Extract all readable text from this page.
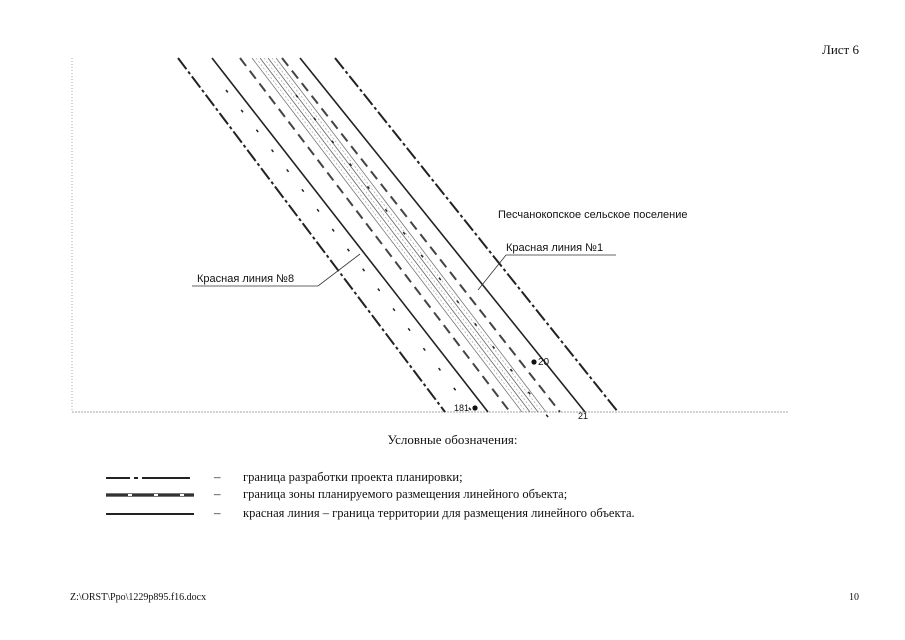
Лист 6
Песчанокопское сельское поселение
Красная линия №1
Красная линия №8
20
181
21
Условные обозначения:
– граница разработки проекта планировки;
– граница зоны планируемого размещения линейного объекта;
– красная линия – граница территории для размещения линейного объекта.
Z:\ORST\Ppo\1229p895.f16.docx	10
